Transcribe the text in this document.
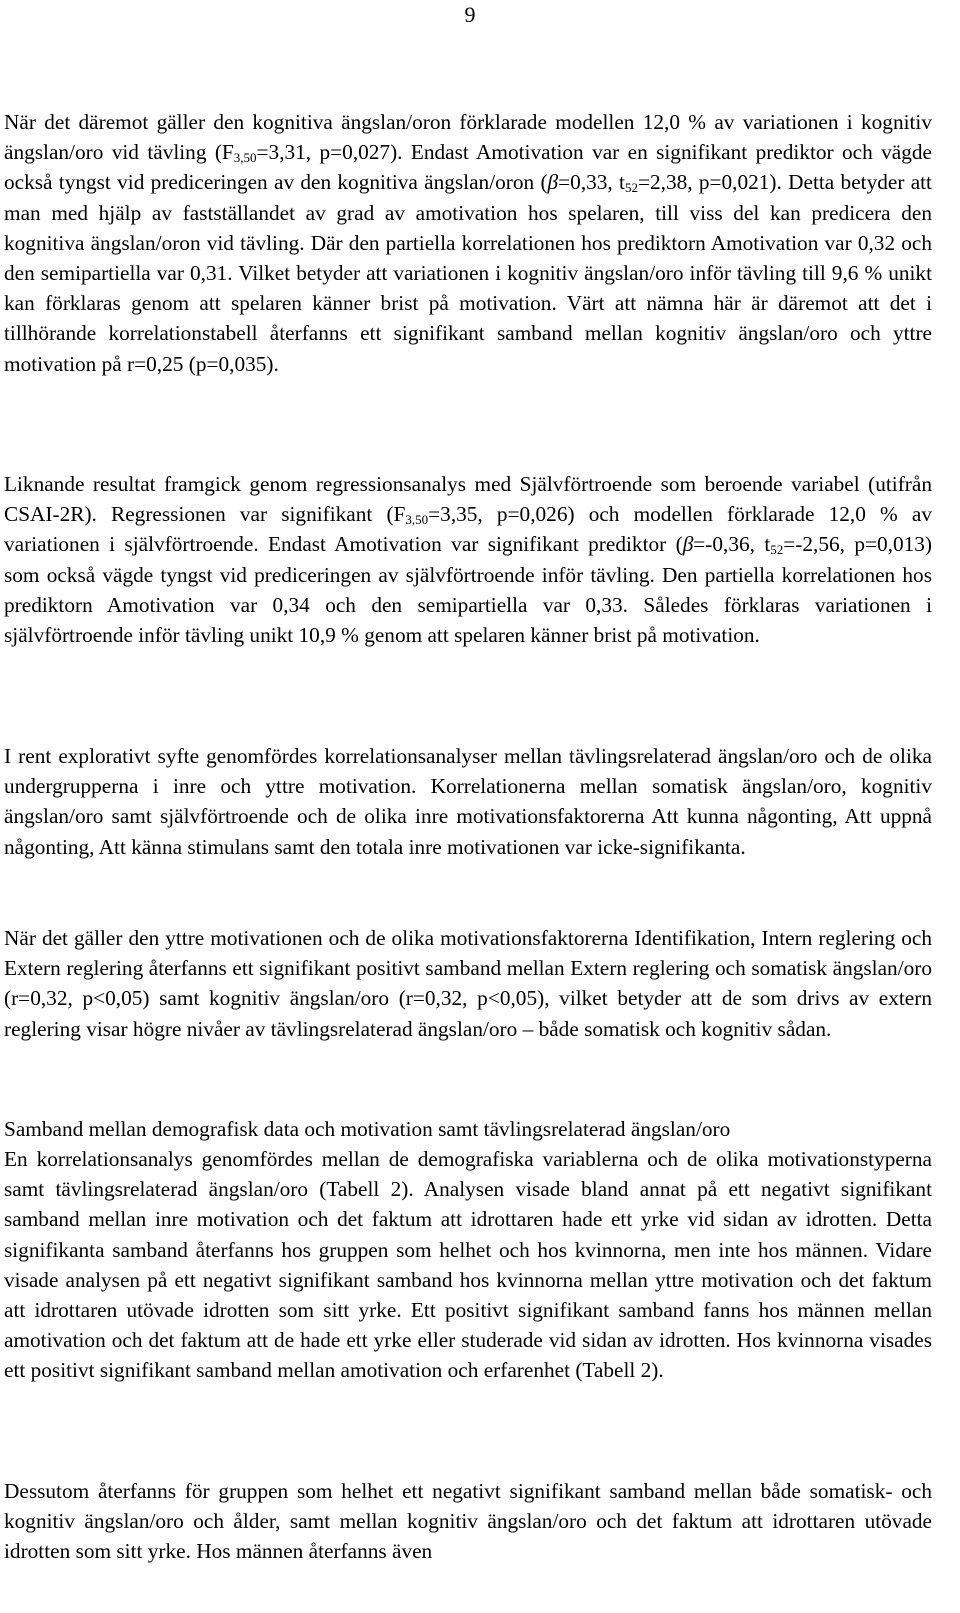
9

När det däremot gäller den kognitiva ängslan/oron förklarade modellen 12,0 % av variationen i kognitiv ängslan/oro vid tävling ($F_{3,50}=3,31$, p=0,027). Endast Amotivation var en signifikant prediktor och vägde också tyngst vid prediceringen av den kognitiva ängslan/oron (β=0,33, $t_{52}=2,38$, p=0,021). Detta betyder att man med hjälp av fastställandet av grad av amotivation hos spelaren, till viss del kan predicera den kognitiva ängslan/oron vid tävling. Där den partiella korrelationen hos prediktorn Amotivation var 0,32 och den semipartiella var 0,31. Vilket betyder att variationen i kognitiv ängslan/oro inför tävling till 9,6 % unikt kan förklaras genom att spelaren känner brist på motivation. Värt att nämna här är däremot att det i tillhörande korrelationstabell återfanns ett signifikant samband mellan kognitiv ängslan/oro och yttre motivation på r=0,25 (p=0,035).

Liknande resultat framgick genom regressionsanalys med Självförtroende som beroende variabel (utifrån CSAI-2R). Regressionen var signifikant ($F_{3,50}=3,35$, p=0,026) och modellen förklarade 12,0 % av variationen i självförtroende. Endast Amotivation var signifikant prediktor (β=-0,36, $t_{52}=-2,56$, p=0,013) som också vägde tyngst vid prediceringen av självförtroende inför tävling. Den partiella korrelationen hos prediktorn Amotivation var 0,34 och den semipartiella var 0,33. Således förklaras variationen i självförtroende inför tävling unikt 10,9 % genom att spelaren känner brist på motivation.

I rent explorativt syfte genomfördes korrelationsanalyser mellan tävlingsrelaterad ängslan/oro och de olika undergrupperna i inre och yttre motivation. Korrelationerna mellan somatisk ängslan/oro, kognitiv ängslan/oro samt självförtroende och de olika inre motivationsfaktorerna Att kunna någonting, Att uppnå någonting, Att känna stimulans samt den totala inre motivationen var icke-signifikanta.

När det gäller den yttre motivationen och de olika motivationsfaktorerna Identifikation, Intern reglering och Extern reglering återfanns ett signifikant positivt samband mellan Extern reglering och somatisk ängslan/oro (r=0,32, p<0,05) samt kognitiv ängslan/oro (r=0,32, p<0,05), vilket betyder att de som drivs av extern reglering visar högre nivåer av tävlingsrelaterad ängslan/oro – både somatisk och kognitiv sådan.

Samband mellan demografisk data och motivation samt tävlingsrelaterad ängslan/oro

En korrelationsanalys genomfördes mellan de demografiska variablerna och de olika motivationstyperna samt tävlingsrelaterad ängslan/oro (Tabell 2). Analysen visade bland annat på ett negativt signifikant samband mellan inre motivation och det faktum att idrottaren hade ett yrke vid sidan av idrotten. Detta signifikanta samband återfanns hos gruppen som helhet och hos kvinnorna, men inte hos männen. Vidare visade analysen på ett negativt signifikant samband hos kvinnorna mellan yttre motivation och det faktum att idrottaren utövade idrotten som sitt yrke. Ett positivt signifikant samband fanns hos männen mellan amotivation och det faktum att de hade ett yrke eller studerade vid sidan av idrotten. Hos kvinnorna visades ett positivt signifikant samband mellan amotivation och erfarenhet (Tabell 2).

Dessutom återfanns för gruppen som helhet ett negativt signifikant samband mellan både somatisk- och kognitiv ängslan/oro och ålder, samt mellan kognitiv ängslan/oro och det faktum att idrottaren utövade idrotten som sitt yrke. Hos männen återfanns även
